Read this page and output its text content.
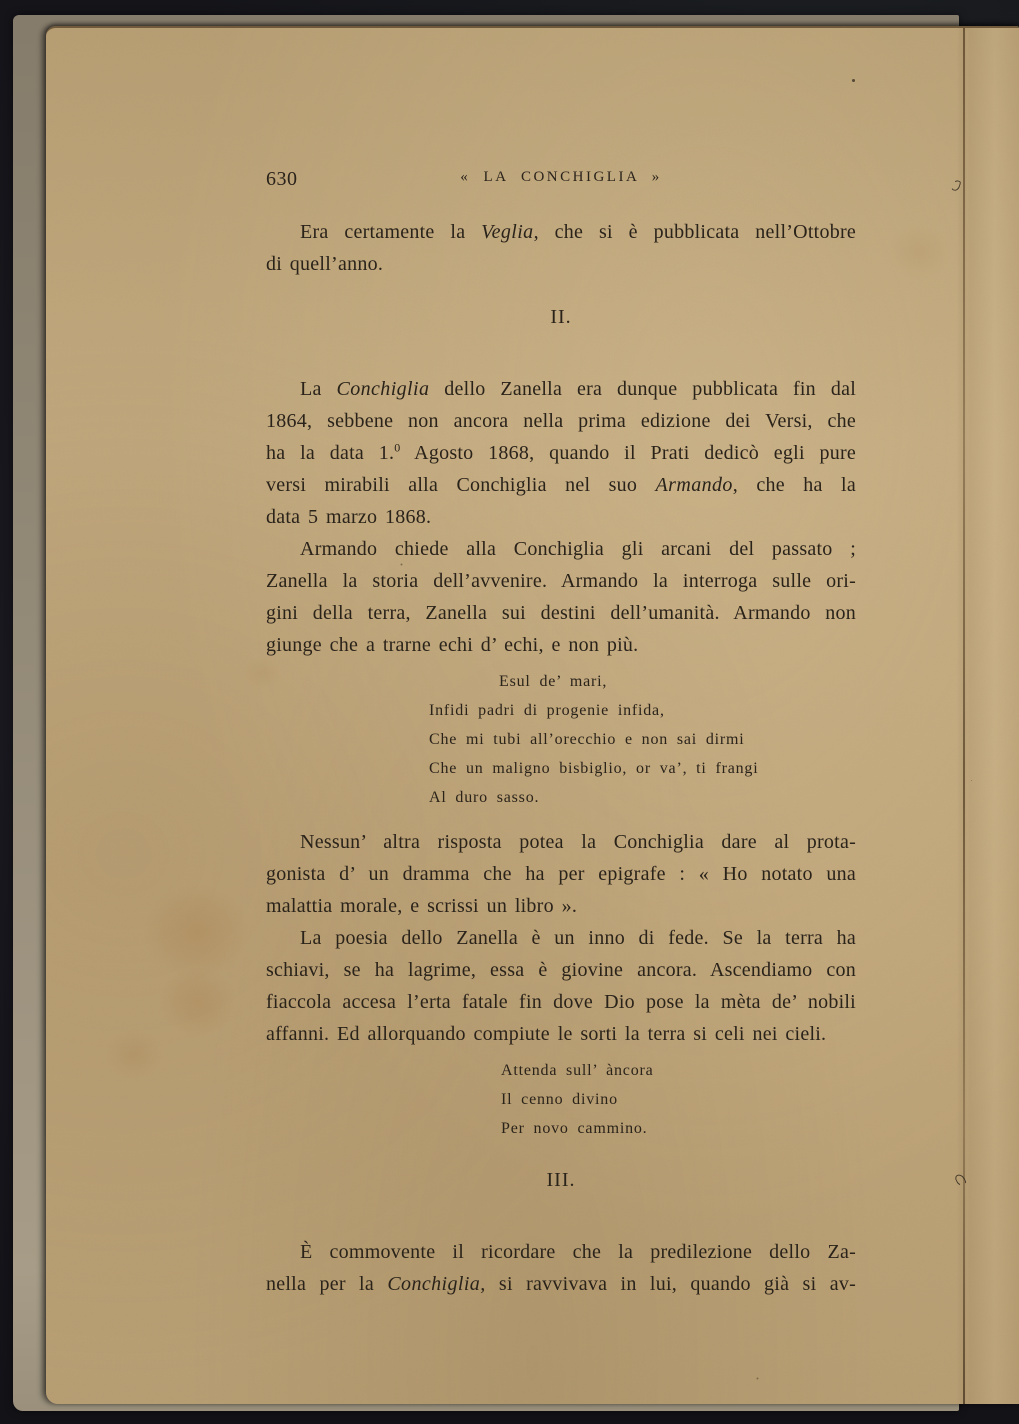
630	« LA CONCHIGLIA »
Era certamente la Veglia, che si è pubblicata nell’Ottobre
di quell’anno.
II.
La Conchiglia dello Zanella era dunque pubblicata fin dal
1864, sebbene non ancora nella prima edizione dei Versi, che
ha la data 1.$^0$ Agosto 1868, quando il Prati dedicò egli pure
versi mirabili alla Conchiglia nel suo Armando, che ha la
data 5 marzo 1868.
Armando chiede alla Conchiglia gli arcani del passato ;
Zanella la storia dell’avvenire. Armando la interroga sulle ori-
gini della terra, Zanella sui destini dell’umanità. Armando non
giunge che a trarne echi d’ echi, e non più.
Esul de’ mari,
Infidi padri di progenie infida,
Che mi tubi all’orecchio e non sai dirmi
Che un maligno bisbiglio, or va’, ti frangi
Al duro sasso.
Nessun’ altra risposta potea la Conchiglia dare al prota-
gonista d’ un dramma che ha per epigrafe : « Ho notato una
malattia morale, e scrissi un libro ».
La poesia dello Zanella è un inno di fede. Se la terra ha
schiavi, se ha lagrime, essa è giovine ancora. Ascendiamo con
fiaccola accesa l’erta fatale fin dove Dio pose la mèta de’ nobili
affanni. Ed allorquando compiute le sorti la terra si celi nei cieli.
Attenda sull’ àncora
Il cenno divino
Per novo cammino.
III.
È commovente il ricordare che la predilezione dello Za-
nella per la Conchiglia, si ravvivava in lui, quando già si av-
